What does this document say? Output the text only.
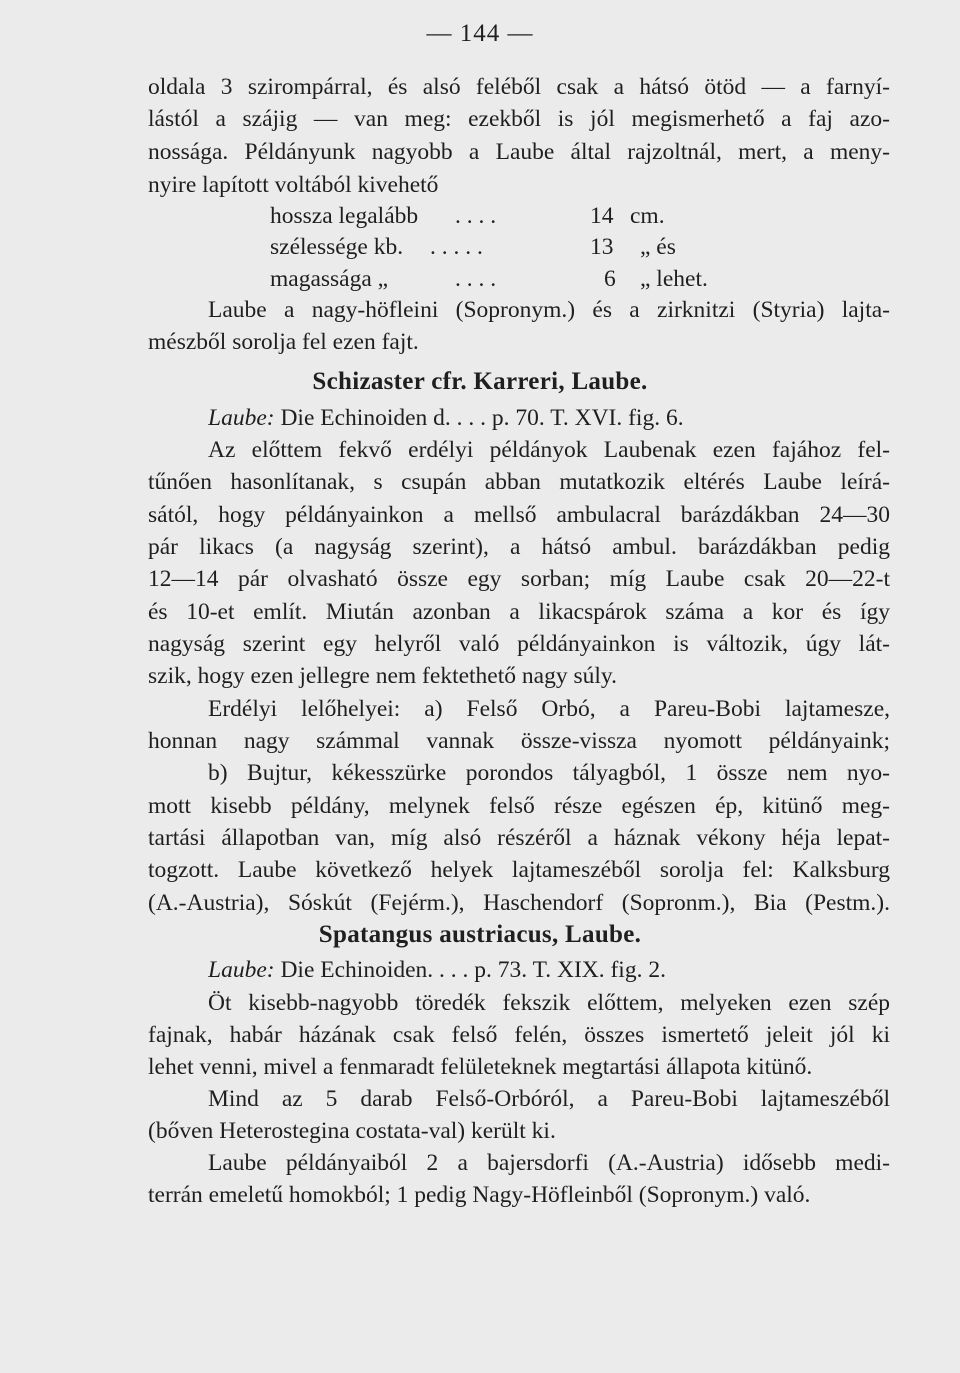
— 144 —
oldala 3 szirompárral, és alsó feléből csak a hátsó ötöd — a farnyí-
lástól a szájig — van meg: ezekből is jól megismerhető a faj azo-
nossága. Példányunk nagyobb a Laube által rajzoltnál, mert, a meny-
nyire lapított voltából kivehető
hossza legalább . . . .	14 cm.
szélessége kb. . . . . .	13 „ és
magassága „	. . . .	6 „ lehet.
Laube a nagy-höfleini (Sopronym.) és a zirknitzi (Styria) lajta-
mészből sorolja fel ezen fajt.
Schizaster cfr. Karreri, Laube.
Laube: Die Echinoiden d. . . . p. 70. T. XVI. fig. 6.
Az előttem fekvő erdélyi példányok Laubenak ezen fajához fel-
tűnően hasonlítanak, s csupán abban mutatkozik eltérés Laube leírá-
sától, hogy példányainkon a mellső ambulacral barázdákban 24—30
pár likacs (a nagyság szerint), a hátsó ambul. barázdákban pedig
12—14 pár olvasható össze egy sorban; míg Laube csak 20—22-t
és 10-et említ. Miután azonban a likacspárok száma a kor és így
nagyság szerint egy helyről való példányainkon is változik, úgy lát-
szik, hogy ezen jellegre nem fektethető nagy súly.
Erdélyi lelőhelyei: a) Felső Orbó, a Pareu-Bobi lajtamesze,
honnan nagy számmal vannak össze-vissza nyomott példányaink;
b) Bujtur, kékesszürke porondos tályagból, 1 össze nem nyo-
mott kisebb példány, melynek felső része egészen ép, kitünő meg-
tartási állapotban van, míg alsó részéről a háznak vékony héja lepat-
togzott. Laube következő helyek lajtameszéből sorolja fel: Kalksburg
(A.-Austria), Sóskút (Fejérm.), Haschendorf (Sopronm.), Bia (Pestm.).
Spatangus austriacus, Laube.
Laube: Die Echinoiden. . . . p. 73. T. XIX. fig. 2.
Öt kisebb-nagyobb töredék fekszik előttem, melyeken ezen szép
fajnak, habár házának csak felső felén, összes ismertető jeleit jól ki
lehet venni, mivel a fenmaradt felületeknek megtartási állapota kitünő.
Mind az 5 darab Felső-Orbóról, a Pareu-Bobi lajtameszéből
(bőven Heterostegina costata-val) került ki.
Laube példányaiból 2 a bajersdorfi (A.-Austria) idősebb medi-
terrán emeletű homokból; 1 pedig Nagy-Höfleinből (Sopronym.) való.
